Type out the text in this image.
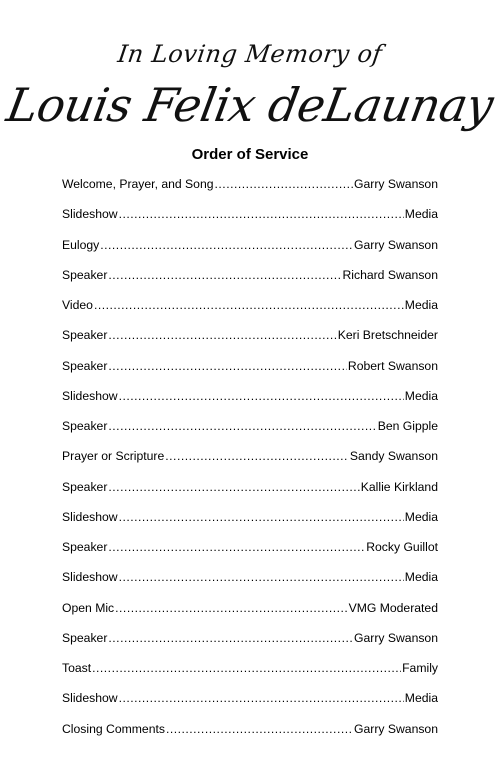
In Loving Memory of
Louis Felix deLaunay
Order of Service
Welcome, Prayer, and Song .....	Garry Swanson
Slideshow .....	Media
Eulogy .....	Garry Swanson
Speaker .....	Richard Swanson
Video .....	Media
Speaker .....	Keri Bretschneider
Speaker .....	Robert Swanson
Slideshow .....	Media
Speaker .....	Ben Gipple
Prayer or Scripture .....	Sandy Swanson
Speaker .....	Kallie Kirkland
Slideshow .....	Media
Speaker .....	Rocky Guillot
Slideshow .....	Media
Open Mic .....	VMG Moderated
Speaker .....	Garry Swanson
Toast .....	Family
Slideshow .....	Media
Closing Comments .....	Garry Swanson
